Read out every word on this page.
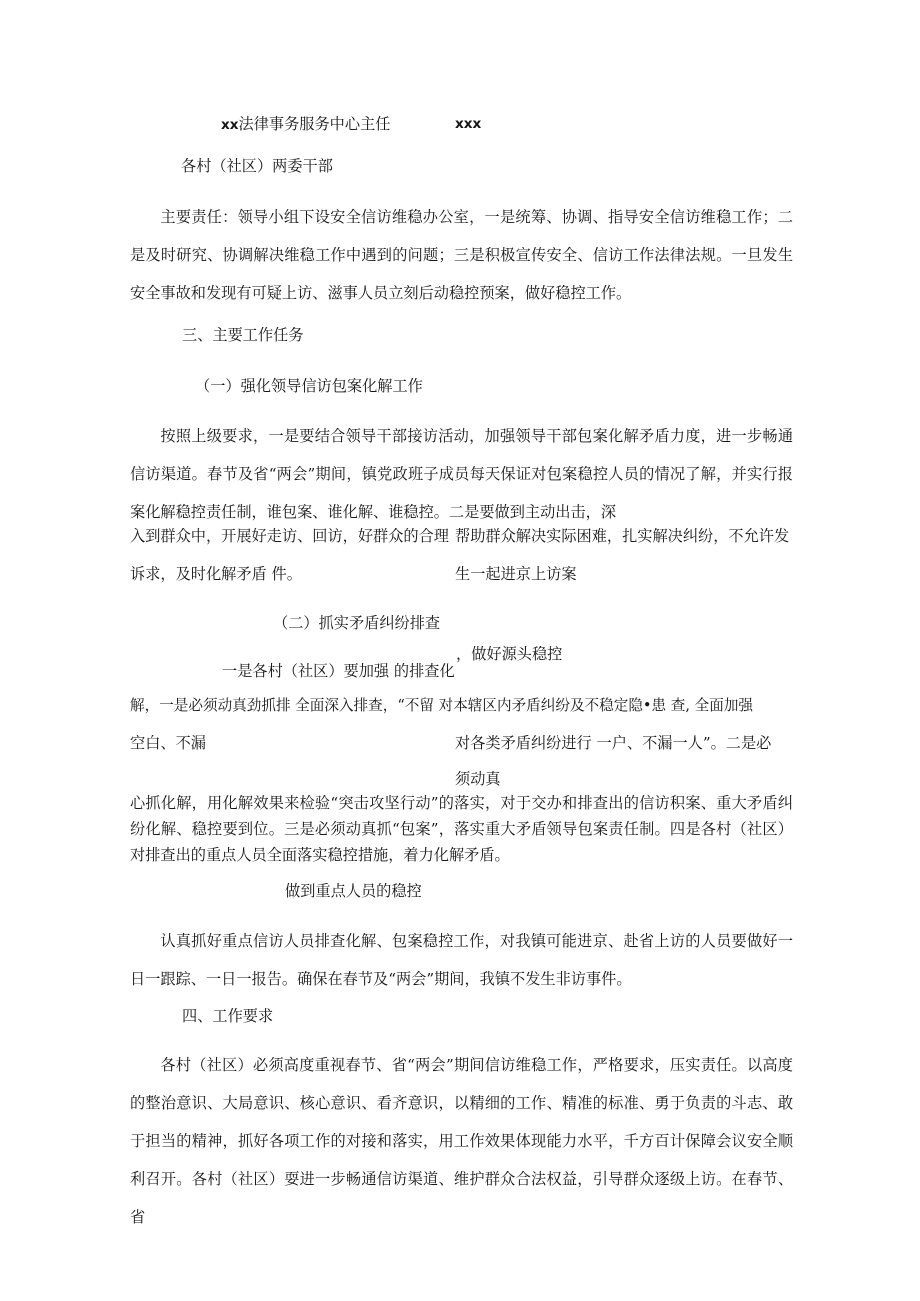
xx法律事务服务中心主任	xxx
各村（社区）两委干部
主要责任：领导小组下设安全信访维稳办公室，一是统筹、协调、指导安全信访维稳工作；二是及时研究、协调解决维稳工作中遇到的问题；三是积极宣传安全、信访工作法律法规。一旦发生安全事故和发现有可疑上访、滋事人员立刻后动稳控预案，做好稳控工作。
三、主要工作任务
（一）强化领导信访包案化解工作
按照上级要求，一是要结合领导干部接访活动，加强领导干部包案化解矛盾力度，进一步畅通信访渠道。春节及省“两会”期间，镇党政班子成员每天保证对包案稳控人员的情况了解，并实行报案化解稳控责任制，谁包案、谁化解、谁稳控。二是要做到主动出击，深
入到群众中，开展好走访、回访，好群众的合理 帮助群众解决实际困难，扎实解决纠纷，不允许发
诉求，及时化解矛盾 件。	生一起进京上访案
（二）抓实矛盾纠纷排查
，做好源头稳控
一是各村（社区）要加强 的排查化
解，一是必须动真劲抓排 全面深入排查，“不留 对本辖区内矛盾纠纷及不稳定隐•患 查, 全面加强
空白、不漏	对各类矛盾纠纷进行 一户、不漏一人”。二是必
须动真
心抓化解，用化解效果来检验“突击攻坚行动”的落实，对于交办和排查出的信访积案、重大矛盾纠纷化解、稳控要到位。三是必须动真抓“包案”，落实重大矛盾领导包案责任制。四是各村（社区）对排查出的重点人员全面落实稳控措施，着力化解矛盾。
做到重点人员的稳控
认真抓好重点信访人员排查化解、包案稳控工作，对我镇可能进京、赴省上访的人员要做好一日一跟踪、一日一报告。确保在春节及“两会”期间，我镇不发生非访事件。
四、工作要求
各村（社区）必须高度重视春节、省“两会”期间信访维稳工作，严格要求，压实责任。以高度的整治意识、大局意识、核心意识、看齐意识，以精细的工作、精准的标准、勇于负责的斗志、敢于担当的精神，抓好各项工作的对接和落实，用工作效果体现能力水平，千方百计保障会议安全顺利召开。各村（社区）耍进一步畅通信访渠道、维护群众合法权益，引导群众逐级上访。在春节、省
